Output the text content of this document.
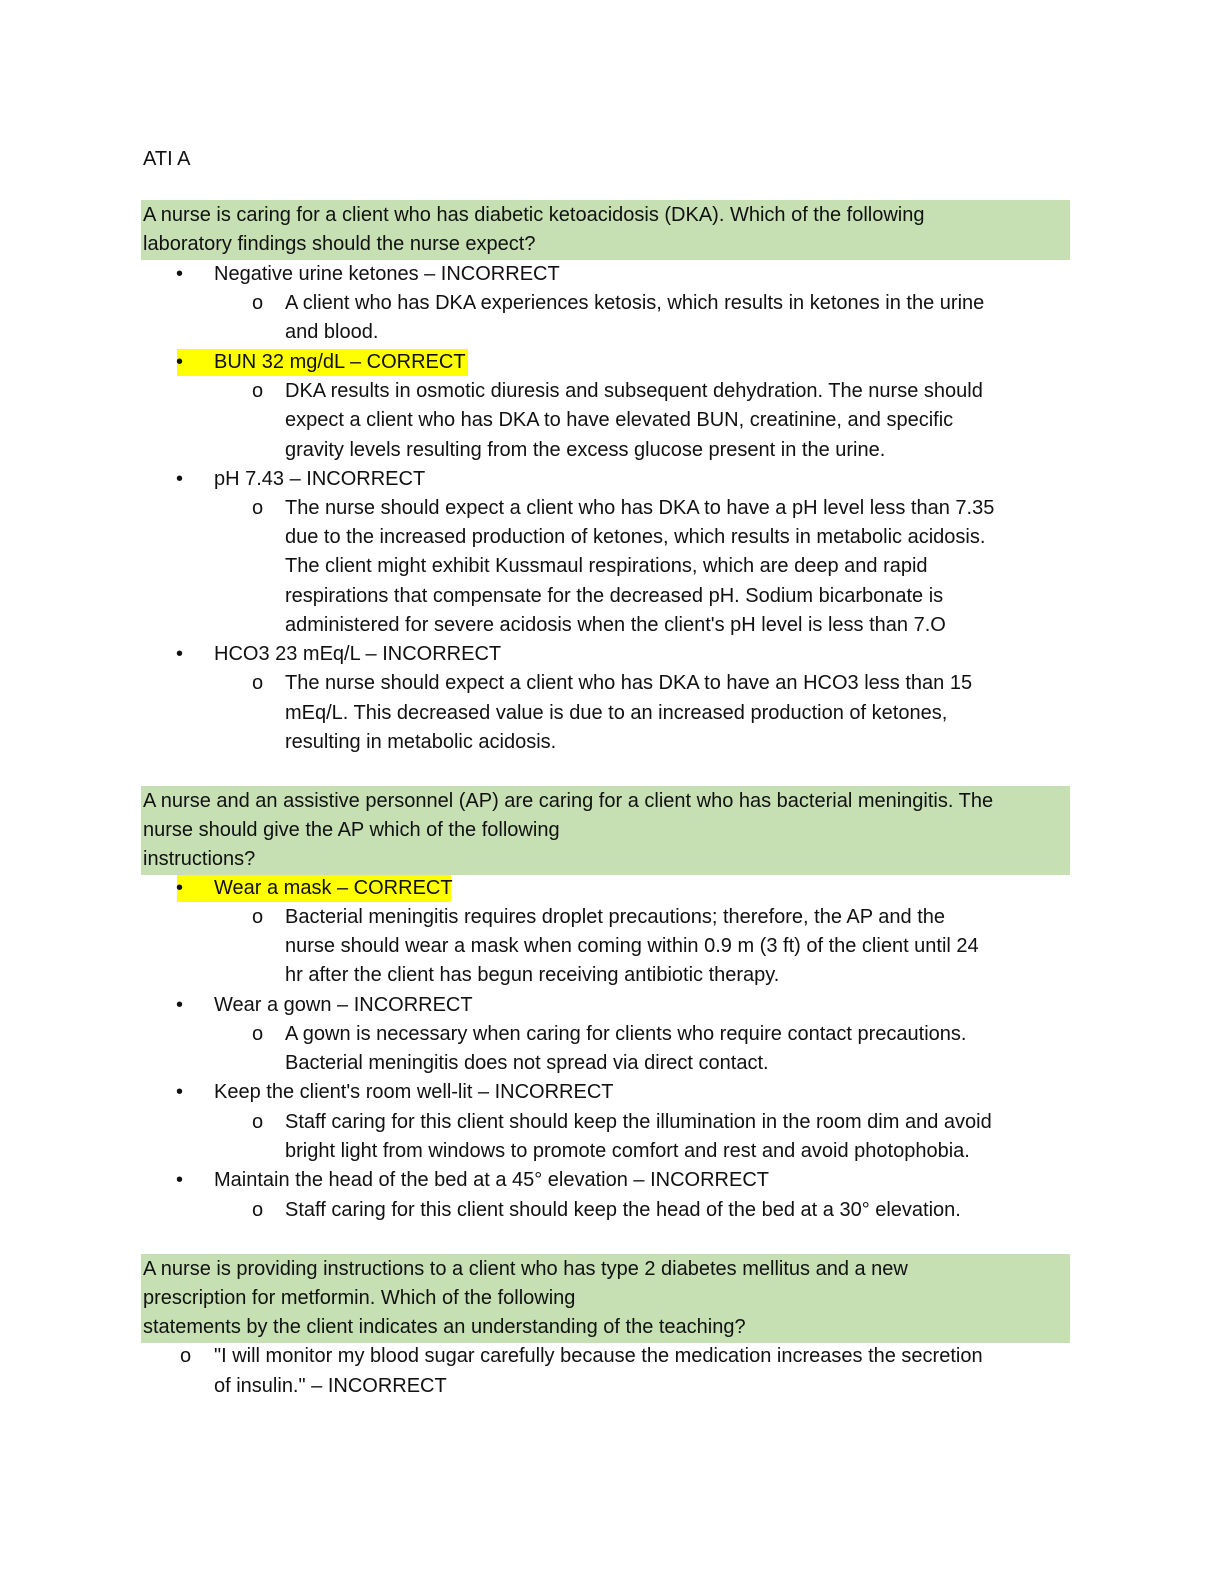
ATI A
A nurse is caring for a client who has diabetic ketoacidosis (DKA). Which of the following
laboratory findings should the nurse expect?
• Negative urine ketones – INCORRECT
o A client who has DKA experiences ketosis, which results in ketones in the urine
and blood.
• BUN 32 mg/dL – CORRECT
o DKA results in osmotic diuresis and subsequent dehydration. The nurse should
expect a client who has DKA to have elevated BUN, creatinine, and specific
gravity levels resulting from the excess glucose present in the urine.
• pH 7.43 – INCORRECT
o The nurse should expect a client who has DKA to have a pH level less than 7.35
due to the increased production of ketones, which results in metabolic acidosis.
The client might exhibit Kussmaul respirations, which are deep and rapid
respirations that compensate for the decreased pH. Sodium bicarbonate is
administered for severe acidosis when the client's pH level is less than 7.O
• HCO3 23 mEq/L – INCORRECT
o The nurse should expect a client who has DKA to have an HCO3 less than 15
mEq/L. This decreased value is due to an increased production of ketones,
resulting in metabolic acidosis.
A nurse and an assistive personnel (AP) are caring for a client who has bacterial meningitis. The
nurse should give the AP which of the following
instructions?
• Wear a mask – CORRECT
o Bacterial meningitis requires droplet precautions; therefore, the AP and the
nurse should wear a mask when coming within 0.9 m (3 ft) of the client until 24
hr after the client has begun receiving antibiotic therapy.
• Wear a gown – INCORRECT
o A gown is necessary when caring for clients who require contact precautions.
Bacterial meningitis does not spread via direct contact.
• Keep the client's room well-lit – INCORRECT
o Staff caring for this client should keep the illumination in the room dim and avoid
bright light from windows to promote comfort and rest and avoid photophobia.
• Maintain the head of the bed at a 45° elevation – INCORRECT
o Staff caring for this client should keep the head of the bed at a 30° elevation.
A nurse is providing instructions to a client who has type 2 diabetes mellitus and a new
prescription for metformin. Which of the following
statements by the client indicates an understanding of the teaching?
o "I will monitor my blood sugar carefully because the medication increases the secretion
of insulin." – INCORRECT
